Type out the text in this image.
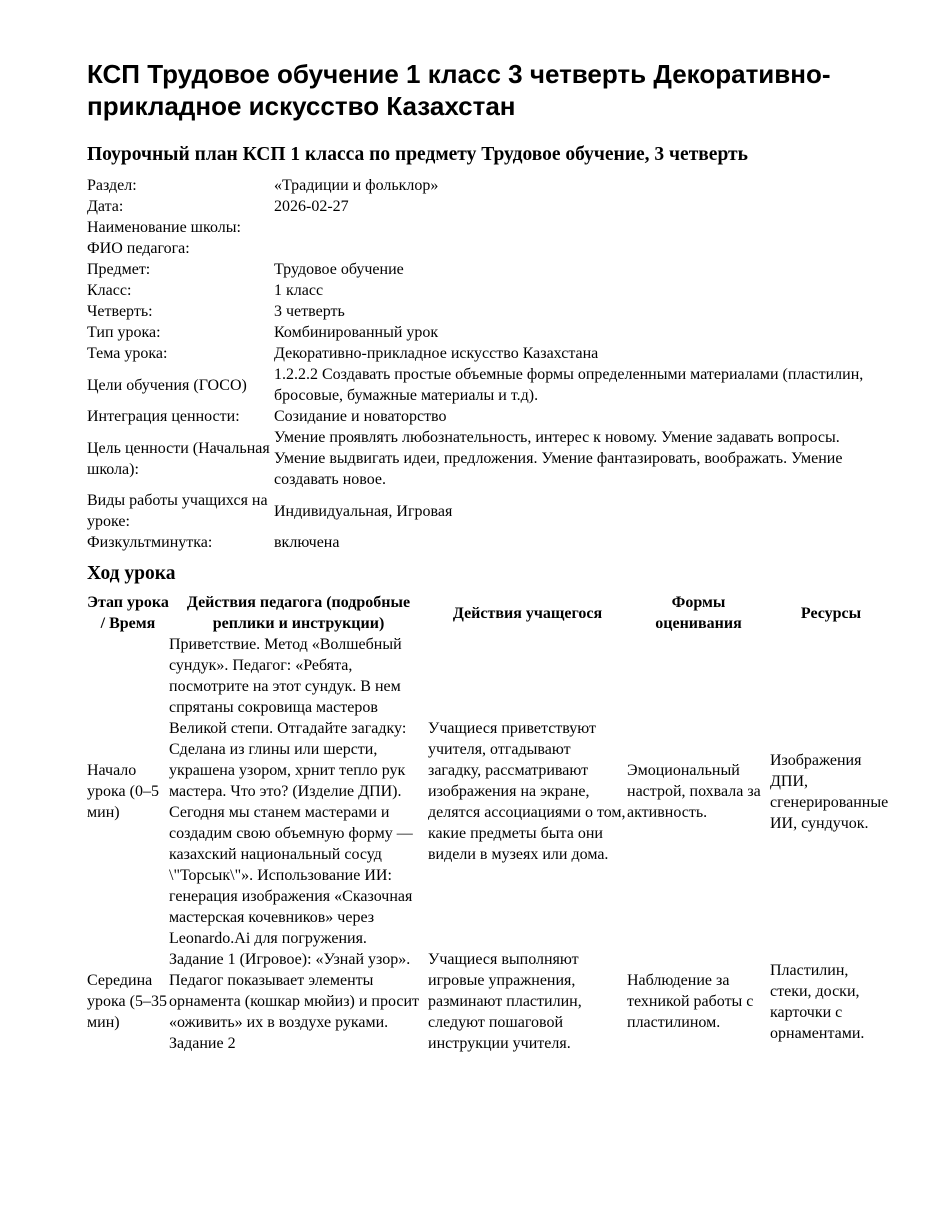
КСП Трудовое обучение 1 класс 3 четверть Декоративно-прикладное искусство Казахстан
Поурочный план КСП 1 класса по предмету Трудовое обучение, 3 четверть
Раздел:	«Традиции и фольклор»
Дата:	2026-02-27
Наименование школы:	
ФИО педагога:	
Предмет:	Трудовое обучение
Класс:	1 класс
Четверть:	3 четверть
Тип урока:	Комбинированный урок
Тема урока:	Декоративно-прикладное искусство Казахстана
Цели обучения (ГОСО)	1.2.2.2 Создавать простые объемные формы определенными материалами (пластилин, бросовые, бумажные материалы и т.д).
Интеграция ценности:	Созидание и новаторство
Цель ценности (Начальная школа):	Умение проявлять любознательность, интерес к новому. Умение задавать вопросы. Умение выдвигать идеи, предложения. Умение фантазировать, воображать. Умение создавать новое.
Виды работы учащихся на уроке:	Индивидуальная, Игровая
Физкультминутка:	включена
Ход урока
Этап урока / Время	Действия педагога (подробные реплики и инструкции)	Действия учащегося	Формы оценивания	Ресурсы
Начало урока (0–5 мин)	Приветствие. Метод «Волшебный сундук». Педагог: «Ребята, посмотрите на этот сундук. В нем спрятаны сокровища мастеров Великой степи. Отгадайте загадку: Сделана из глины или шерсти, украшена узором, хрнит тепло рук мастера. Что это? (Изделие ДПИ). Сегодня мы станем мастерами и создадим свою объемную форму — казахский национальный сосуд \"Торсык\"». Использование ИИ: генерация изображения «Сказочная мастерская кочевников» через Leonardo.Ai для погружения.	Учащиеся приветствуют учителя, отгадывают загадку, рассматривают изображения на экране, делятся ассоциациями о том, какие предметы быта они видели в музеях или дома.	Эмоциональный настрой, похвала за активность.	Изображения ДПИ, сгенерированные ИИ, сундучок.
Середина урока (5–35 мин)	Задание 1 (Игровое): «Узнай узор». Педагог показывает элементы орнамента (кошкар мюйиз) и просит «оживить» их в воздухе руками. Задание 2	Учащиеся выполняют игровые упражнения, разминают пластилин, следуют пошаговой инструкции учителя.	Наблюдение за техникой работы с пластилином.	Пластилин, стеки, доски, карточки с орнаментами.
